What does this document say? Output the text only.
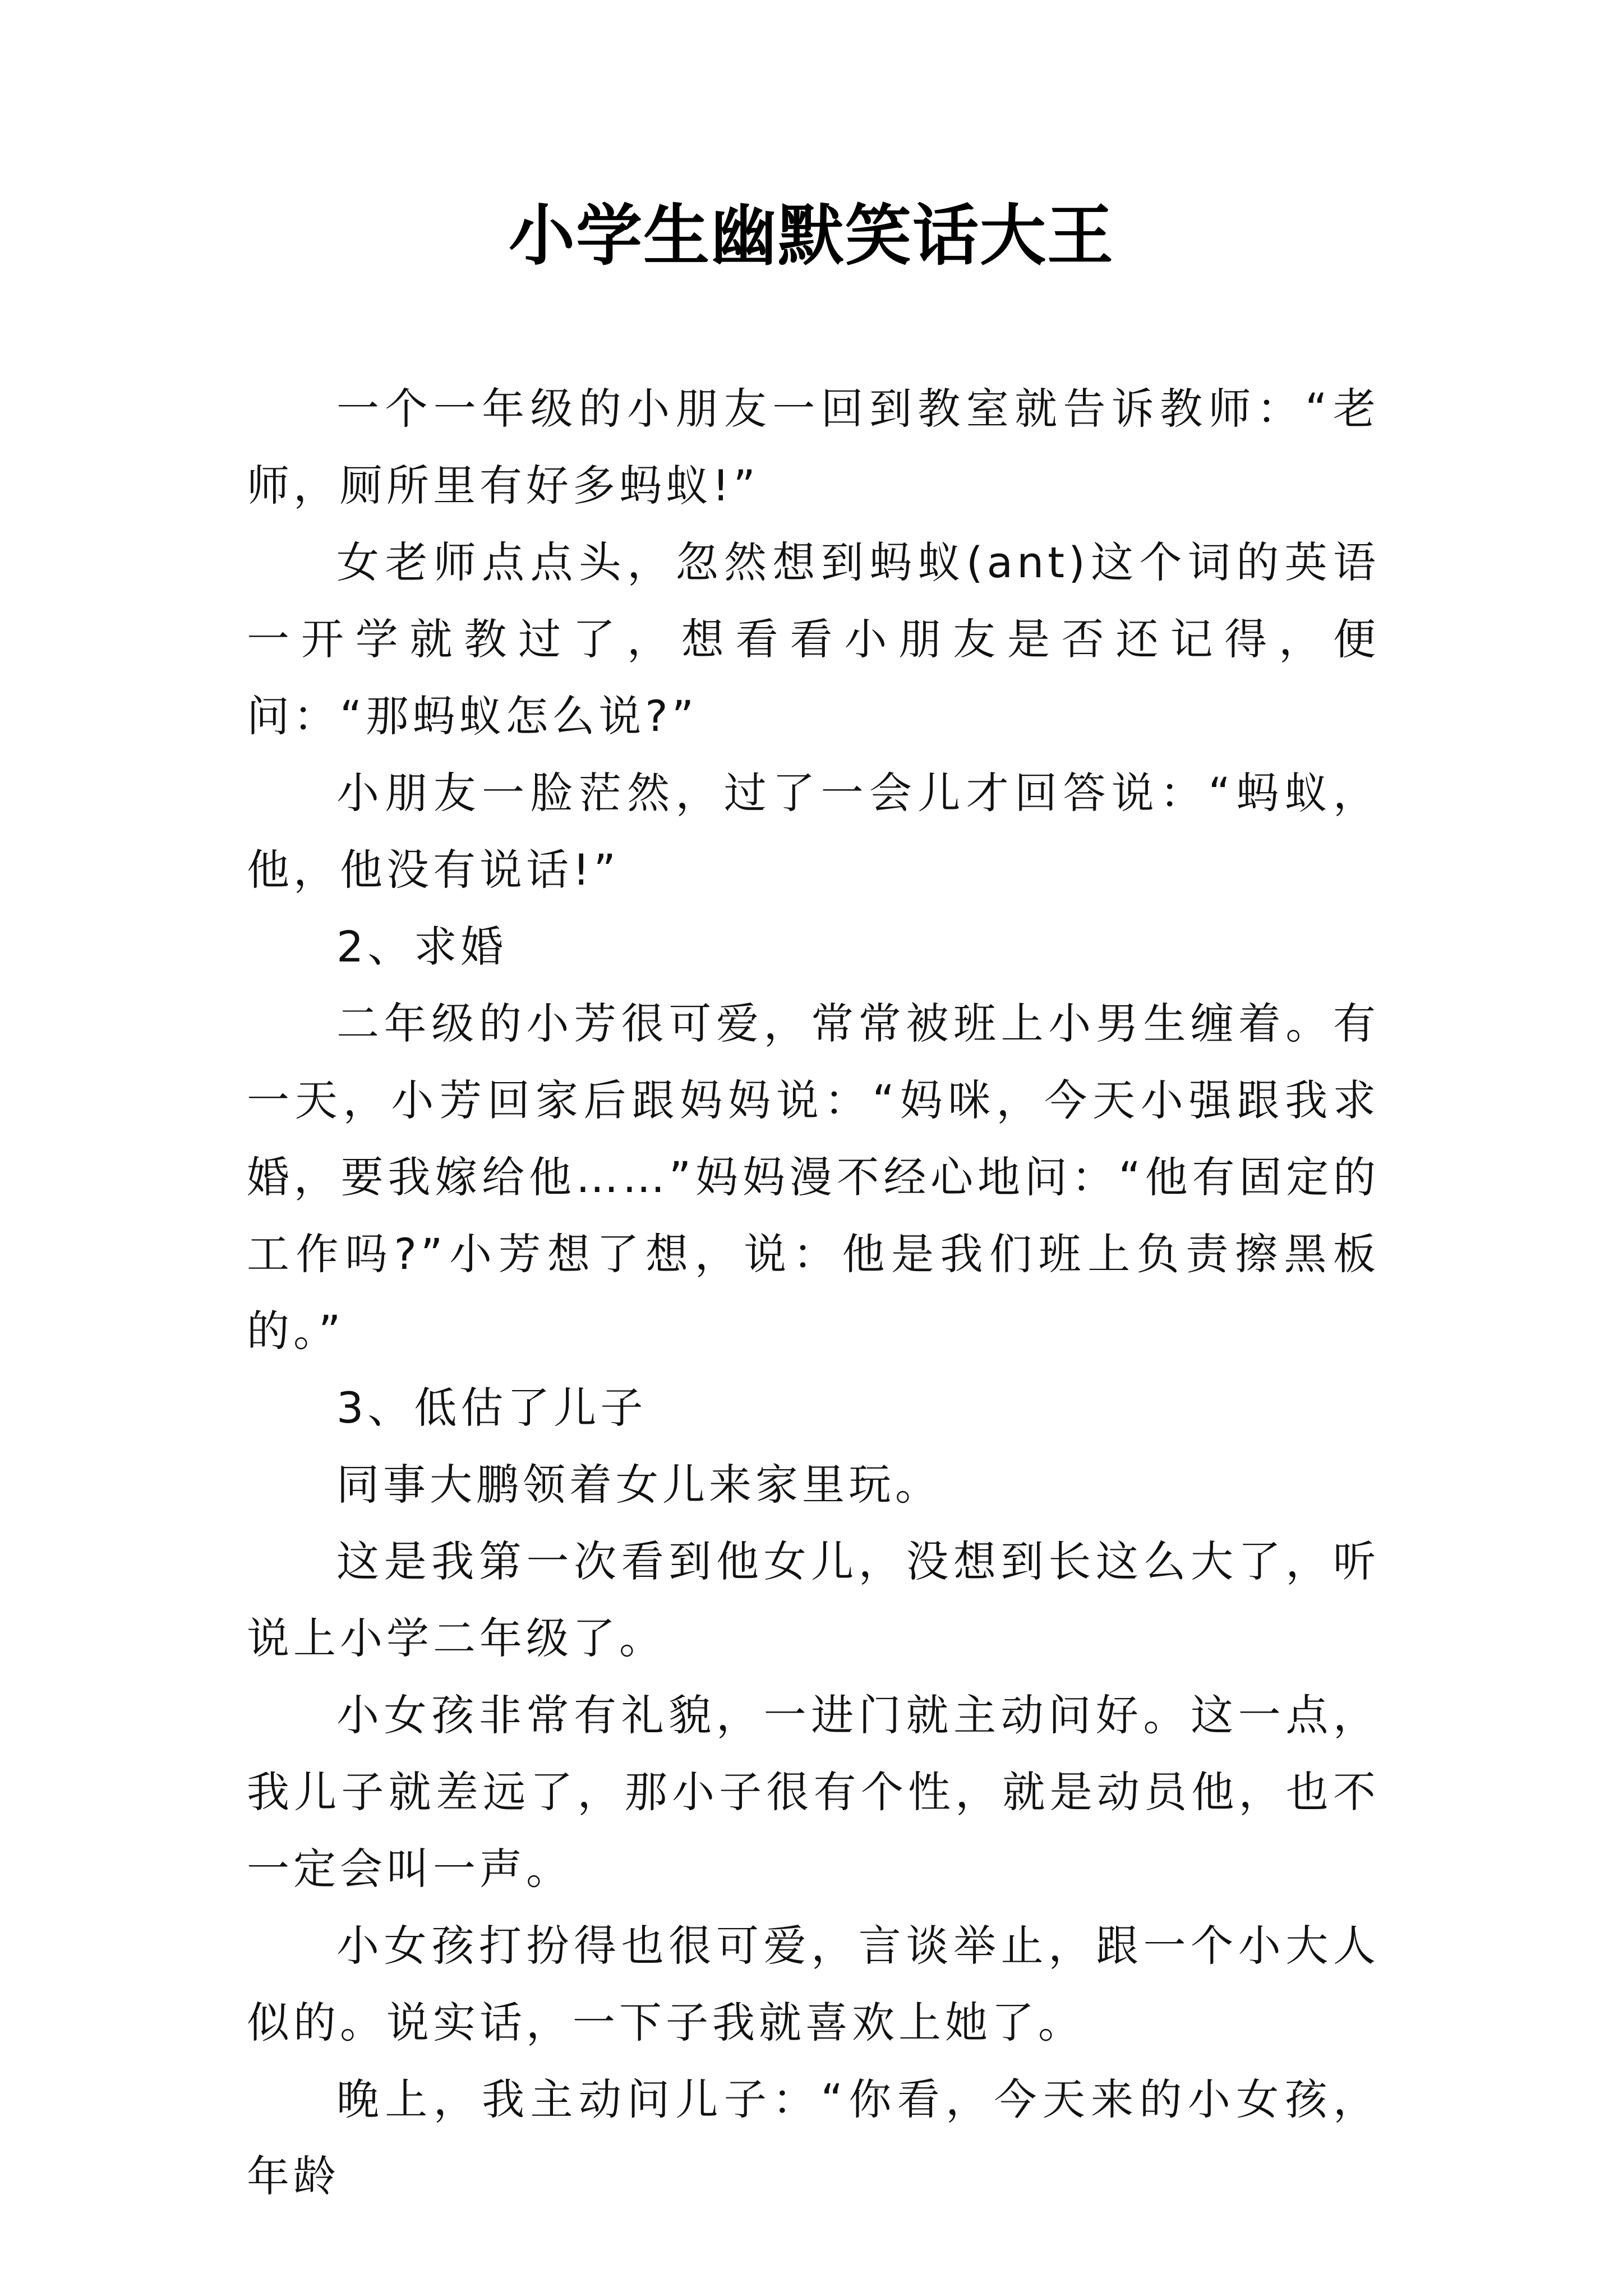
小学生幽默笑话大王

一个一年级的小朋友一回到教室就告诉教师：“老师，厕所里有好多蚂蚁!”

女老师点点头，忽然想到蚂蚁(ant)这个词的英语一开学就教过了，想看看小朋友是否还记得，便问：“那蚂蚁怎么说?”

小朋友一脸茫然，过了一会儿才回答说：“蚂蚁，他，他没有说话!”

2、求婚

二年级的小芳很可爱，常常被班上小男生缠着。有一天，小芳回家后跟妈妈说：“妈咪，今天小强跟我求婚，要我嫁给他……”妈妈漫不经心地问：“他有固定的工作吗?”小芳想了想，说：他是我们班上负责擦黑板的。”

3、低估了儿子

同事大鹏领着女儿来家里玩。

这是我第一次看到他女儿，没想到长这么大了，听说上小学二年级了。

小女孩非常有礼貌，一进门就主动问好。这一点，我儿子就差远了，那小子很有个性，就是动员他，也不一定会叫一声。

小女孩打扮得也很可爱，言谈举止，跟一个小大人似的。说实话，一下子我就喜欢上她了。

晚上，我主动问儿子：“你看，今天来的小女孩，年龄
